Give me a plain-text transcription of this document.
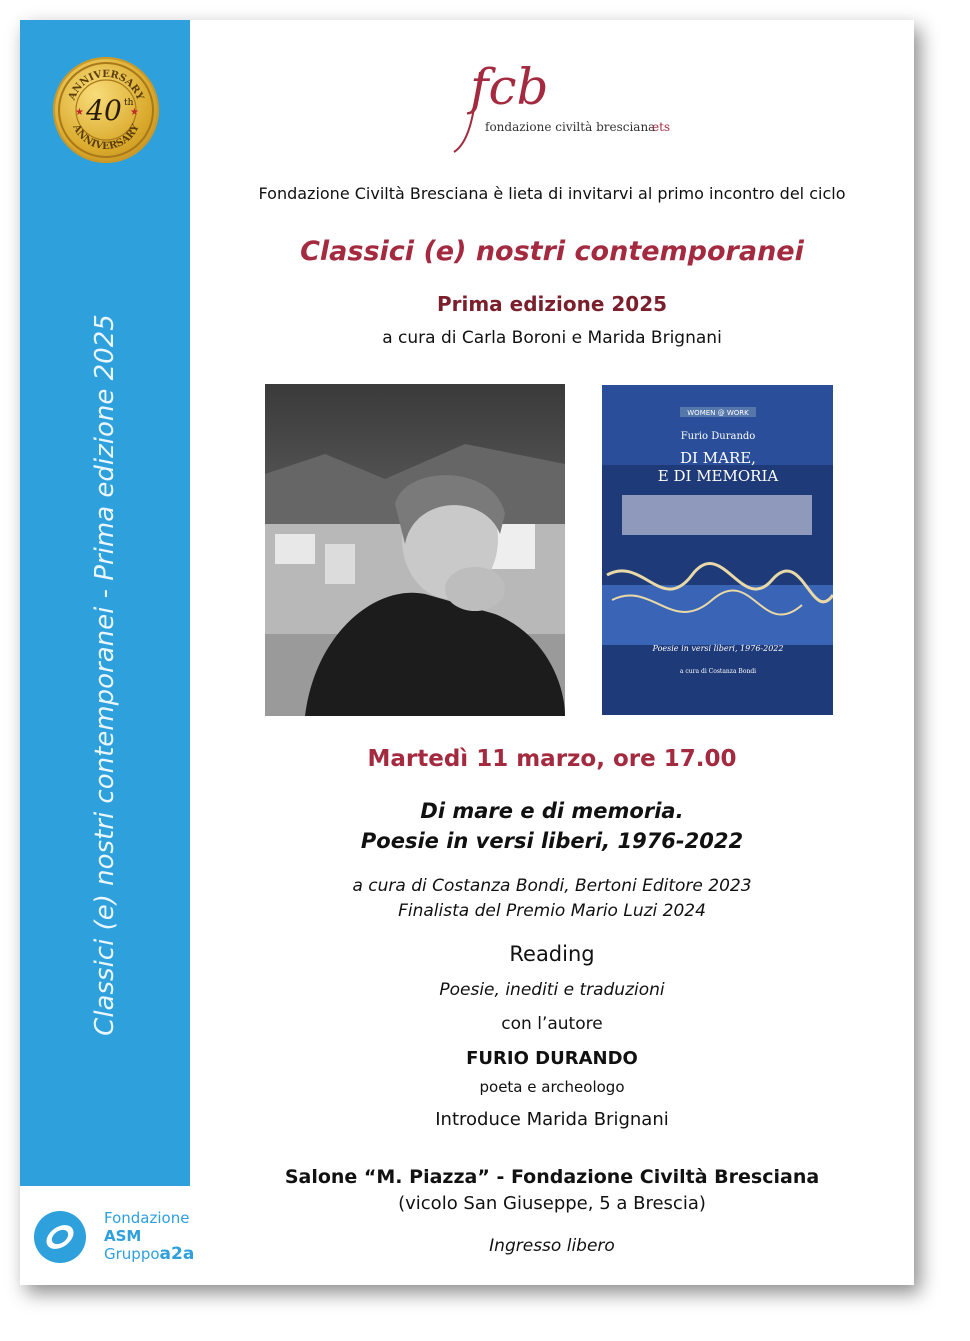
ANNIVERSARY
ANNIVERSARY
40 th
★	★
Classici (e) nostri contemporanei - Prima edizione 2025
Fondazione
ASM
Gruppoa2a
fcb
fondazione civiltà bresciana
ets
Fondazione Civiltà Bresciana è lieta di invitarvi al primo incontro del ciclo
Classici (e) nostri contemporanei
Prima edizione 2025
a cura di Carla Boroni e Marida Brignani
WOMEN @ WORK
Furio Durando
DI MARE,
E DI MEMORIA
Poesie in versi liberi, 1976-2022
a cura di Costanza Bondi
Martedì 11 marzo, ore 17.00
Di mare e di memoria.
Poesie in versi liberi, 1976-2022
a cura di Costanza Bondi, Bertoni Editore 2023
Finalista del Premio Mario Luzi 2024
Reading
Poesie, inediti e traduzioni
con l’autore
FURIO DURANDO
poeta e archeologo
Introduce Marida Brignani
Salone “M. Piazza” - Fondazione Civiltà Bresciana
(vicolo San Giuseppe, 5 a Brescia)
Ingresso libero
